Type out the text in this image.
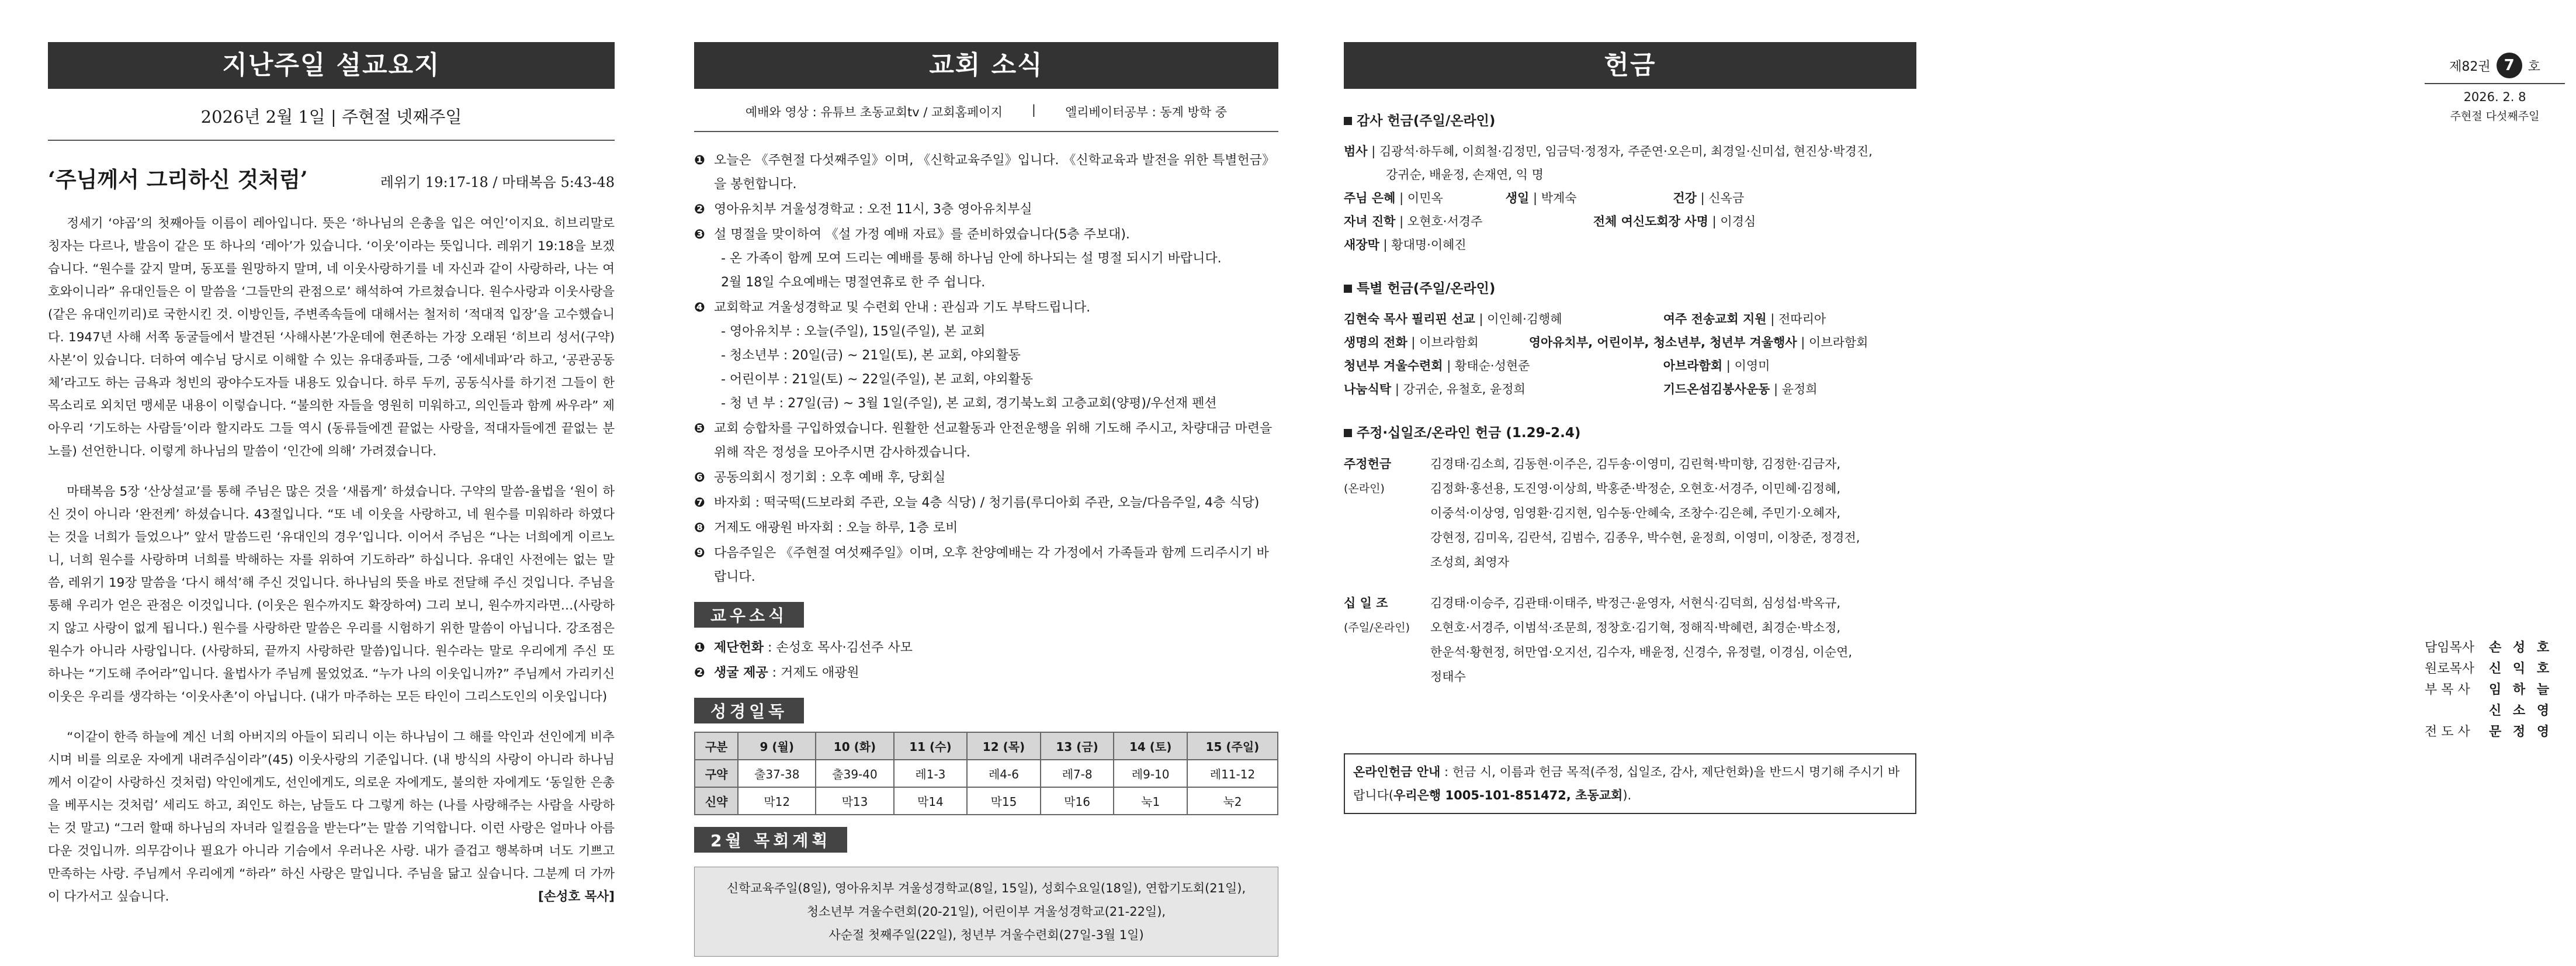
지난주일 설교요지
2026년 2월 1일 | 주현절 넷째주일
‘주님께서 그리하신 것처럼’	레위기 19:17-18 / 마태복음 5:43-48

정세기 ‘야곱’의 첫째아들 이름이 레아입니다. 뜻은 ‘하나님의 은총을 입은 여인’이지요. 히브리말로 칭자는 다르나, 발음이 같은 또 하나의 ‘레아’가 있습니다. ‘이웃’이라는 뜻입니다. 레위기 19:18을 보겠습니다. “원수를 갚지 말며, 동포를 원망하지 말며, 네 이웃사랑하기를 네 자신과 같이 사랑하라, 나는 여호와이니라” 유대인들은 이 말씀을 ‘그들만의 관점으로’ 해석하여 가르쳤습니다. 원수사랑과 이웃사랑을 (같은 유대인끼리)로 국한시킨 것. 이방인들, 주변족속들에 대해서는 철저히 ‘적대적 입장’을 고수했습니다. 1947년 사해 서쪽 동굴들에서 발견된 ‘사해사본’가운데에 현존하는 가장 오래된 ‘히브리 성서(구약) 사본’이 있습니다. 더하여 예수님 당시로 이해할 수 있는 유대종파들, 그중 ‘에세네파’라 하고, ‘공관공동체’라고도 하는 금욕과 청빈의 광야수도자들 내용도 있습니다. 하루 두끼, 공동식사를 하기전 그들이 한 목소리로 외치던 맹세문 내용이 이렇습니다. “불의한 자들을 영원히 미워하고, 의인들과 함께 싸우라” 제 아우리 ‘기도하는 사람들’이라 할지라도 그들 역시 (동류들에겐 끝없는 사랑을, 적대자들에겐 끝없는 분노를) 선언한니다. 이렇게 하나님의 말씀이 ‘인간에 의해’ 가려졌습니다.

마태복음 5장 ‘산상설교’를 통해 주님은 많은 것을 ‘새롭게’ 하셨습니다. 구약의 말씀-율법을 ‘원이 하신 것이 아니라 ‘완전케’ 하셨습니다. 43절입니다. “또 네 이웃을 사랑하고, 네 원수를 미워하라 하였다는 것을 너희가 들었으나” 앞서 말씀드린 ‘유대인의 경우’입니다. 이어서 주님은 “나는 너희에게 이르노니, 너희 원수를 사랑하며 너희를 박해하는 자를 위하여 기도하라” 하십니다. 유대인 사전에는 없는 말씀, 레위기 19장 말씀을 ‘다시 해석’해 주신 것입니다. 하나님의 뜻을 바로 전달해 주신 것입니다. 주님을 통해 우리가 얻은 관점은 이것입니다. (이웃은 원수까지도 확장하여) 그리 보니, 원수까지라면…(사랑하지 않고 사랑이 없게 됩니다.) 원수를 사랑하란 말씀은 우리를 시험하기 위한 말씀이 아닙니다. 강조점은 원수가 아니라 사랑입니다. (사랑하되, 끝까지 사랑하란 말씀)입니다. 원수라는 말로 우리에게 주신 또 하나는 “기도해 주어라”입니다. 율법사가 주님께 물었었죠. “누가 나의 이웃입니까?” 주님께서 가리키신 이웃은 우리를 생각하는 ‘이웃사촌’이 아닙니다. (내가 마주하는 모든 타인이 그리스도인의 이웃입니다)

“이같이 한즉 하늘에 계신 너희 아버지의 아들이 되리니 이는 하나님이 그 해를 악인과 선인에게 비추시며 비를 의로운 자에게 내려주심이라”(45) 이웃사랑의 기준입니다. (내 방식의 사랑이 아니라 하나님께서 이같이 사랑하신 것처럼) 악인에게도, 선인에게도, 의로운 자에게도, 불의한 자에게도 ‘동일한 은총을 베푸시는 것처럼’ 세리도 하고, 죄인도 하는, 남들도 다 그렇게 하는 (나를 사랑해주는 사람을 사랑하는 것 말고) “그러 할때 하나님의 자녀라 일컬음을 받는다”는 말씀 기억합니다. 이런 사랑은 얼마나 아름다운 것입니까. 의무감이나 필요가 아니라 기슴에서 우러나온 사랑. 내가 즐겁고 행복하며 너도 기쁘고 만족하는 사랑. 주님께서 우리에게 “하라” 하신 사랑은 말입니다. 주님을 닮고 싶습니다. 그분께 더 가까이 다가서고 싶습니다.	[손성호 목사]

교회 소식
예배와 영상 : 유튜브 초동교회tv / 교회홈페이지 | 엘리베이터공부 : 동계 방학 중
❶ 오늘은 《주현절 다섯째주일》이며, 《신학교육주일》입니다. 《신학교육과 발전을 위한 특별헌금》을 봉헌합니다.
❷ 영아유치부 겨울성경학교 : 오전 11시, 3층 영아유치부실
❸ 설 명절을 맞이하여 《설 가정 예배 자료》를 준비하였습니다(5층 주보대).
- 온 가족이 함께 모여 드리는 예배를 통해 하나님 안에 하나되는 설 명절 되시기 바랍니다.
2월 18일 수요예배는 명절연휴로 한 주 쉽니다.
❹ 교회학교 겨울성경학교 및 수련회 안내 : 관심과 기도 부탁드립니다.
- 영아유치부 : 오늘(주일), 15일(주일), 본 교회
- 청소년부 : 20일(금) ~ 21일(토), 본 교회, 야외활동
- 어린이부 : 21일(토) ~ 22일(주일), 본 교회, 야외활동
- 청 년 부 : 27일(금) ~ 3월 1일(주일), 본 교회, 경기북노회 고층교회(양평)/우선재 펜션
❺ 교회 승합차를 구입하였습니다. 원활한 선교활동과 안전운행을 위해 기도해 주시고, 차량대금 마련을 위해 작은 정성을 모아주시면 감사하겠습니다.
❻ 공동의회시 정기회 : 오후 예배 후, 당회실
❼ 바자회 : 떡국떡(드보라회 주관, 오늘 4층 식당) / 청기름(루디아회 주관, 오늘/다음주일, 4층 식당)
❽ 거제도 애광원 바자회 : 오늘 하루, 1층 로비
❾ 다음주일은 《주현절 여섯째주일》이며, 오후 찬양예배는 각 가정에서 가족들과 함께 드리주시기 바랍니다.
교우소식
❶ 제단헌화 : 손성호 목사·김선주 사모
❷ 생굴 제공 : 거제도 애광원
성경일독
구분	9 (월)	10 (화)	11 (수)	12 (목)	13 (금)	14 (토)	15 (주일)
구약	출37-38	출39-40	레1-3	레4-6	레7-8	레9-10	레11-12
신약	막12	막13	막14	막15	막16	눅1	눅2
2월 목회계획
신학교육주일(8일), 영아유치부 겨울성경학교(8일, 15일), 성회수요일(18일), 연합기도회(21일),
청소년부 겨울수련회(20-21일), 어린이부 겨울성경학교(21-22일),
사순절 첫째주일(22일), 청년부 겨울수련회(27일-3월 1일)
헌금
감사 헌금(주일/온라인)
범사 | 김광석·하두혜, 이희철·김정민, 임금덕·정정자, 주준연·오은미, 최경일·신미섭, 현진상·박경진,
강귀순, 배윤정, 손재연, 익 명
주님 은혜 | 이민옥	생일 | 박계숙	건강 | 신옥금
자녀 진학 | 오현호·서경주	전체 여신도회장 사명 | 이경심
새장막 | 황대명·이혜진
특별 헌금(주일/온라인)
김현숙 목사 필리핀 선교 | 이인혜·김행혜	여주 전송교회 지원 | 전따리아
생명의 전화 | 이브라함회	영아유치부, 어린이부, 청소년부, 청년부 겨울행사 | 이브라함회
청년부 겨울수련회 | 황태순·성현준	아브라함회 | 이영미
나눔식탁 | 강귀순, 유철호, 윤정희	기드온섬김봉사운동 | 윤정희
주정·십일조/온라인 헌금 (1.29-2.4)
주정헌금
(온라인)
김경태·김소희, 김동현·이주은, 김두송·이영미, 김린혁·박미향, 김정한·김금자,
김정화·홍선용, 도진영·이상희, 박홍준·박정순, 오현호·서경주, 이민혜·김정혜,
이중석·이상영, 임영환·김지현, 임수동·안혜숙, 조창수·김은혜, 주민기·오혜자,
강현정, 김미옥, 김란석, 김범수, 김종우, 박수현, 윤정희, 이영미, 이창준, 정경전,
조성희, 최영자
십 일 조
(주일/온라인)
김경태·이승주, 김관태·이태주, 박정근·윤영자, 서현식·김덕희, 심성섭·박옥규,
오현호·서경주, 이범석·조문희, 정창호·김기혁, 정해직·박혜련, 최경순·박소정,
한운석·황현정, 허만엽·오지선, 김수자, 배윤정, 신경수, 유정렬, 이경심, 이순연,
정태수
온라인헌금 안내 : 헌금 시, 이름과 헌금 목적(주정, 십일조, 감사, 제단헌화)을 반드시 명기해 주시기 바랍니다(우리은행 1005-101-851472, 초동교회).
제82권 7	호
2026. 2. 8
주현절 다섯째주일
담임목사	손 성 호
원로목사	신 익 호
부 목 사	임 하 늘
신 소 영
전 도 사	문 정 영
